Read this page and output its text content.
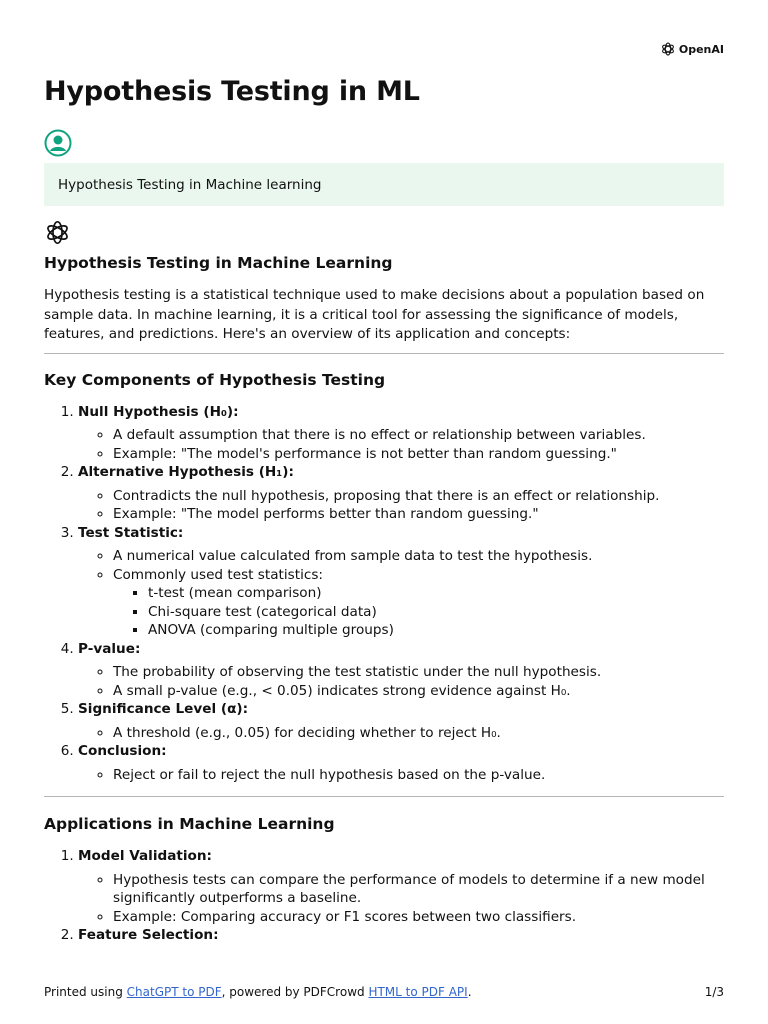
OpenAI
Hypothesis Testing in ML
Hypothesis Testing in Machine learning
Hypothesis Testing in Machine Learning

Hypothesis testing is a statistical technique used to make decisions about a population based on sample data. In machine learning, it is a critical tool for assessing the significance of models, features, and predictions. Here's an overview of its application and concepts:

Key Components of Hypothesis Testing
1. Null Hypothesis (H₀):
◦ A default assumption that there is no effect or relationship between variables.
◦ Example: "The model's performance is not better than random guessing."
2. Alternative Hypothesis (H₁):
◦ Contradicts the null hypothesis, proposing that there is an effect or relationship.
◦ Example: "The model performs better than random guessing."
3. Test Statistic:
◦ A numerical value calculated from sample data to test the hypothesis.
◦ Commonly used test statistics:
▪ t-test (mean comparison)
▪ Chi-square test (categorical data)
▪ ANOVA (comparing multiple groups)
4. P-value:
◦ The probability of observing the test statistic under the null hypothesis.
◦ A small p-value (e.g., < 0.05) indicates strong evidence against H₀.
5. Significance Level (α):
◦ A threshold (e.g., 0.05) for deciding whether to reject H₀.
6. Conclusion:
◦ Reject or fail to reject the null hypothesis based on the p-value.
Applications in Machine Learning
1. Model Validation:
◦ Hypothesis tests can compare the performance of models to determine if a new model significantly outperforms a baseline.
◦ Example: Comparing accuracy or F1 scores between two classifiers.
2. Feature Selection:
Printed using ChatGPT to PDF, powered by PDFCrowd HTML to PDF API.	1/3
